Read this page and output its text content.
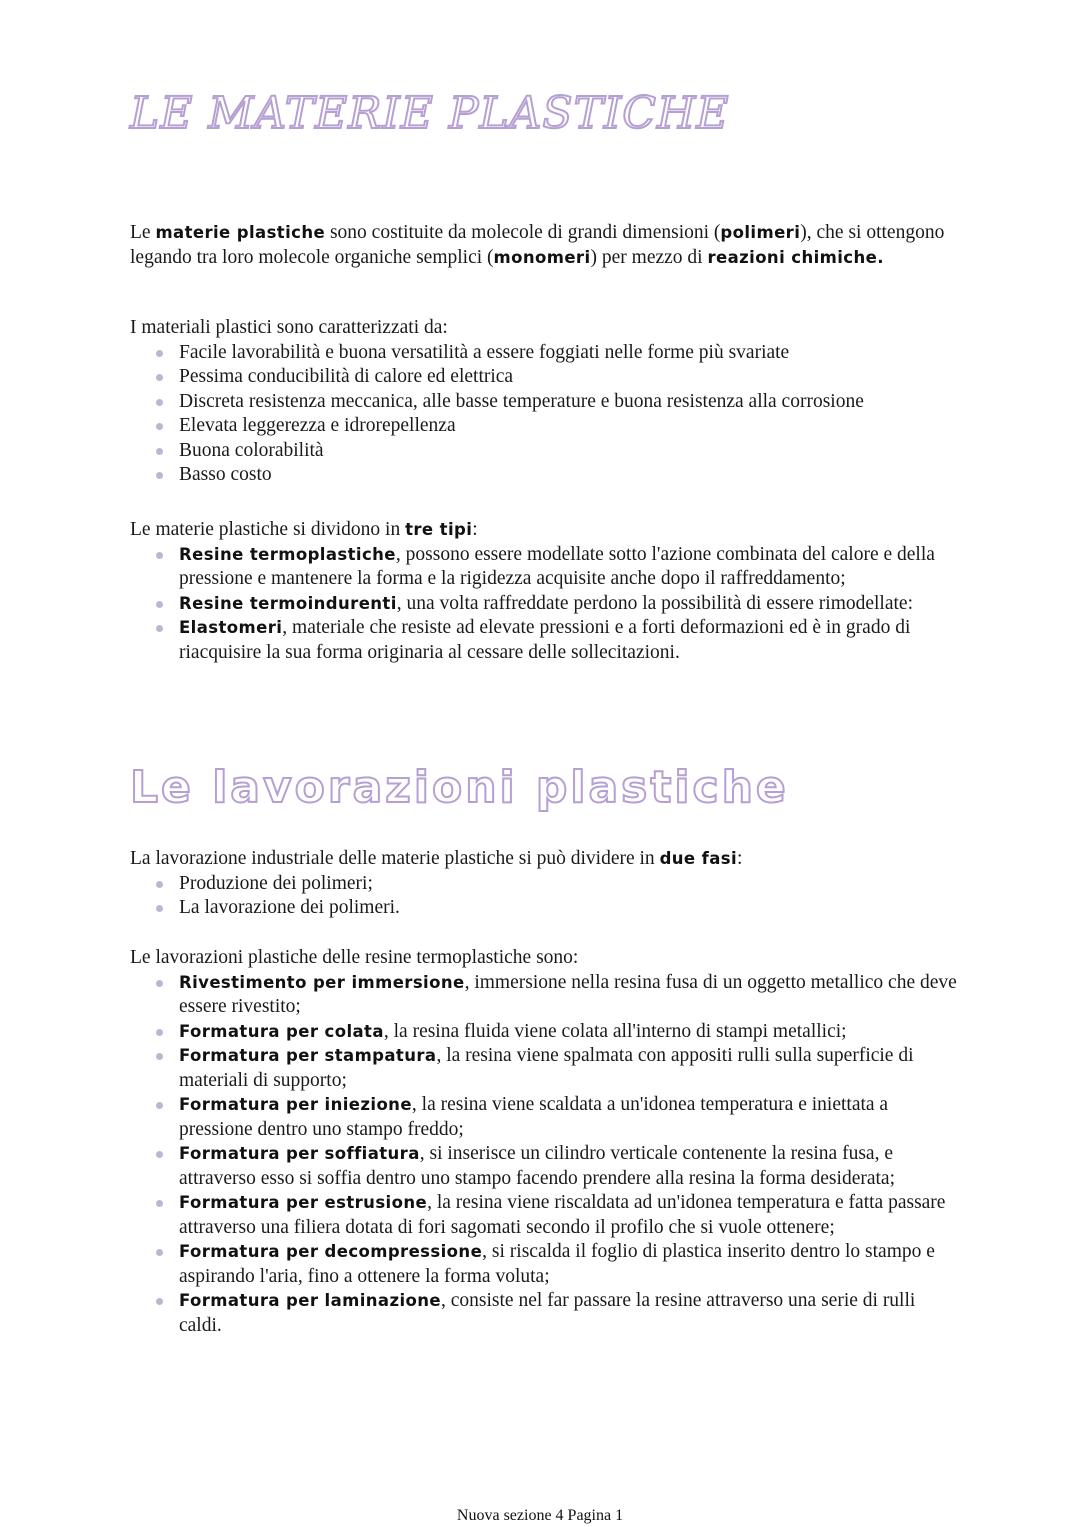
LE MATERIE PLASTICHE

Le materie plastiche sono costituite da molecole di grandi dimensioni (polimeri), che si ottengono legando tra loro molecole organiche semplici (monomeri) per mezzo di reazioni chimiche.

I materiali plastici sono caratterizzati da:

Facile lavorabilità e buona versatilità a essere foggiati nelle forme più svariate
Pessima conducibilità di calore ed elettrica
Discreta resistenza meccanica, alle basse temperature e buona resistenza alla corrosione
Elevata leggerezza e idrorepellenza
Buona colorabilità
Basso costo

Le materie plastiche si dividono in tre tipi:

Resine termoplastiche, possono essere modellate sotto l'azione combinata del calore e della pressione e mantenere la forma e la rigidezza acquisite anche dopo il raffreddamento;
Resine termoindurenti, una volta raffreddate perdono la possibilità di essere rimodellate:
Elastomeri, materiale che resiste ad elevate pressioni e a forti deformazioni ed è in grado di riacquisire la sua forma originaria al cessare delle sollecitazioni.
Le lavorazioni plastiche

La lavorazione industriale delle materie plastiche si può dividere in due fasi:

Produzione dei polimeri;
La lavorazione dei polimeri.

Le lavorazioni plastiche delle resine termoplastiche sono:

Rivestimento per immersione, immersione nella resina fusa di un oggetto metallico che deve essere rivestito;
Formatura per colata, la resina fluida viene colata all'interno di stampi metallici;
Formatura per stampatura, la resina viene spalmata con appositi rulli sulla superficie di materiali di supporto;
Formatura per iniezione, la resina viene scaldata a un'idonea temperatura e iniettata a pressione dentro uno stampo freddo;
Formatura per soffiatura, si inserisce un cilindro verticale contenente la resina fusa, e attraverso esso si soffia dentro uno stampo facendo prendere alla resina la forma desiderata;
Formatura per estrusione, la resina viene riscaldata ad un'idonea temperatura e fatta passare attraverso una filiera dotata di fori sagomati secondo il profilo che si vuole ottenere;
Formatura per decompressione, si riscalda il foglio di plastica inserito dentro lo stampo e aspirando l'aria, fino a ottenere la forma voluta;
Formatura per laminazione, consiste nel far passare la resine attraverso una serie di rulli caldi.
Nuova sezione 4 Pagina 1
